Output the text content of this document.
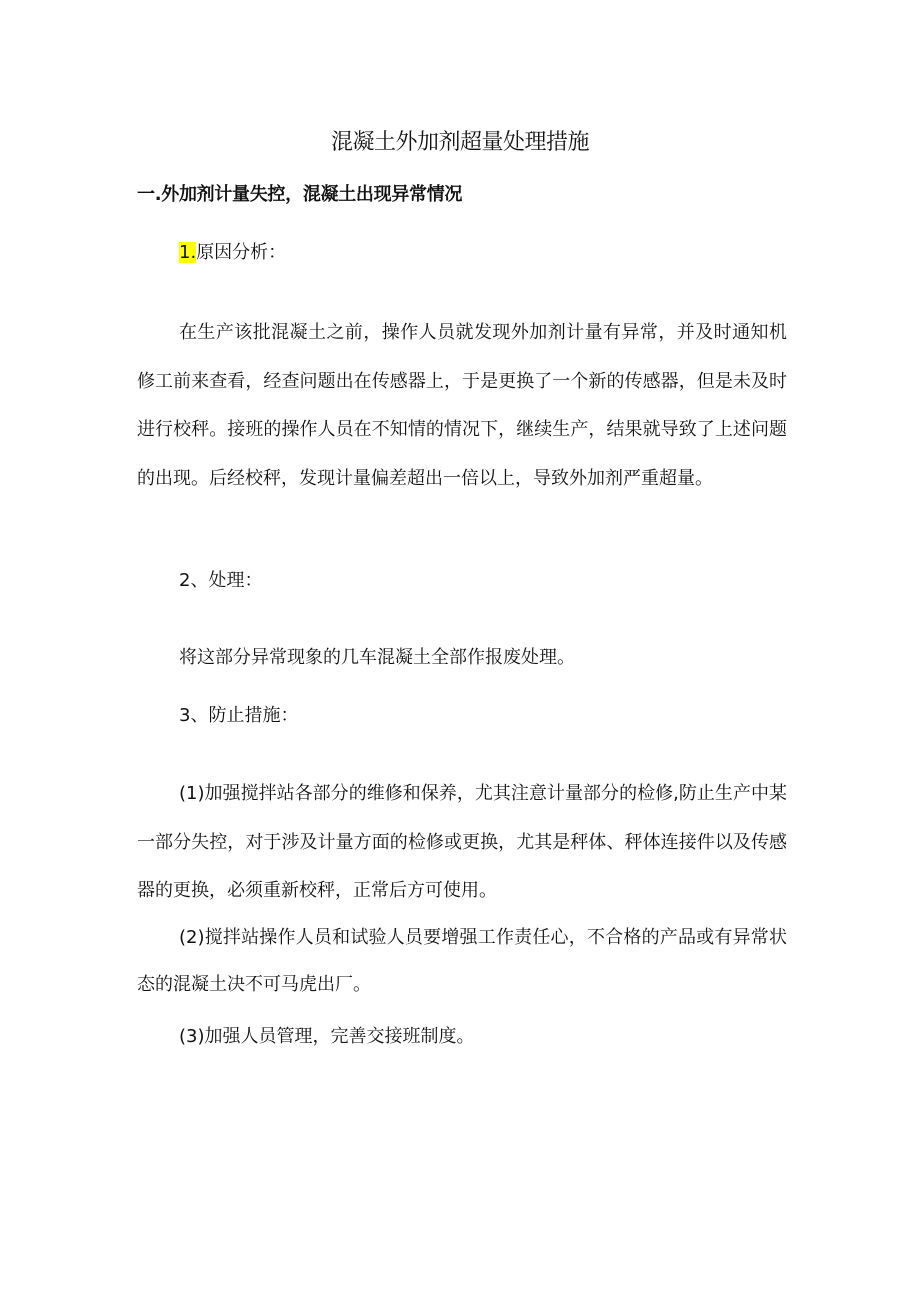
混凝土外加剂超量处理措施
一.外加剂计量失控，混凝土出现异常情况
1.原因分析：

在生产该批混凝土之前，操作人员就发现外加剂计量有异常，并及时通知机修工前来查看，经查问题出在传感器上，于是更换了一个新的传感器，但是未及时进行校秤。接班的操作人员在不知情的情况下，继续生产，结果就导致了上述问题的出现。后经校秤，发现计量偏差超出一倍以上，导致外加剂严重超量。

2、处理：
将这部分异常现象的几车混凝土全部作报废处理。
3、防止措施：

(1)加强搅拌站各部分的维修和保养，尤其注意计量部分的检修,防止生产中某一部分失控，对于涉及计量方面的检修或更换，尤其是秤体、秤体连接件以及传感器的更换，必须重新校秤，正常后方可使用。

(2)搅拌站操作人员和试验人员要增强工作责任心，不合格的产品或有异常状态的混凝土决不可马虎出厂。

(3)加强人员管理，完善交接班制度。
